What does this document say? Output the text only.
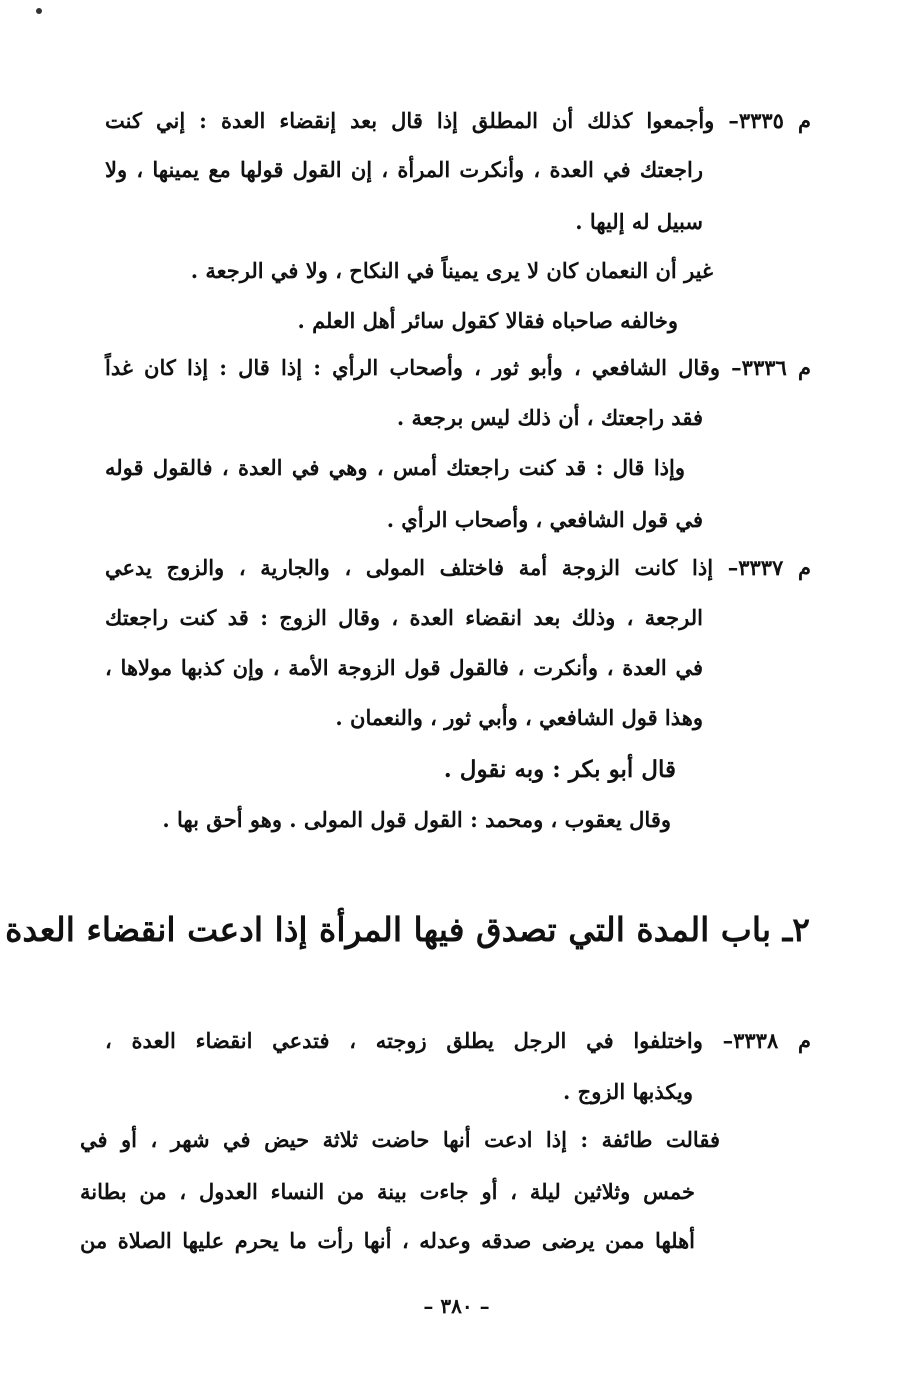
م ٣٣٣٥– وأجمعوا كذلك أن المطلق إذا قال بعد إنقضاء العدة : إني كنت
راجعتك في العدة ، وأنكرت المرأة ، إن القول قولها مع يمينها ، ولا
سبيل له إليها .
غير أن النعمان كان لا يرى يميناً في النكاح ، ولا في الرجعة .
وخالفه صاحباه فقالا كقول سائر أهل العلم .
م ٣٣٣٦– وقال الشافعي ، وأبو ثور ، وأصحاب الرأي : إذا قال : إذا كان غداً
فقد راجعتك ، أن ذلك ليس برجعة .
وإذا قال : قد كنت راجعتك أمس ، وهي في العدة ، فالقول قوله
في قول الشافعي ، وأصحاب الرأي .
م ٣٣٣٧– إذا كانت الزوجة أمة فاختلف المولى ، والجارية ، والزوج يدعي
الرجعة ، وذلك بعد انقضاء العدة ، وقال الزوج : قد كنت راجعتك
في العدة ، وأنكرت ، فالقول قول الزوجة الأمة ، وإن كذبها مولاها ،
وهذا قول الشافعي ، وأبي ثور ، والنعمان .
قال أبو بكر : وبه نقول .
وقال يعقوب ، ومحمد : القول قول المولى . وهو أحق بها .
٢ـ باب المدة التي تصدق فيها المرأة إذا ادعت انقضاء العدة
م ٣٣٣٨– واختلفوا في الرجل يطلق زوجته ، فتدعي انقضاء العدة ،
ويكذبها الزوج .
فقالت طائفة : إذا ادعت أنها حاضت ثلاثة حيض في شهر ، أو في
خمس وثلاثين ليلة ، أو جاءت بينة من النساء العدول ، من بطانة
أهلها ممن يرضى صدقه وعدله ، أنها رأت ما يحرم عليها الصلاة من
– ٣٨٠ –
